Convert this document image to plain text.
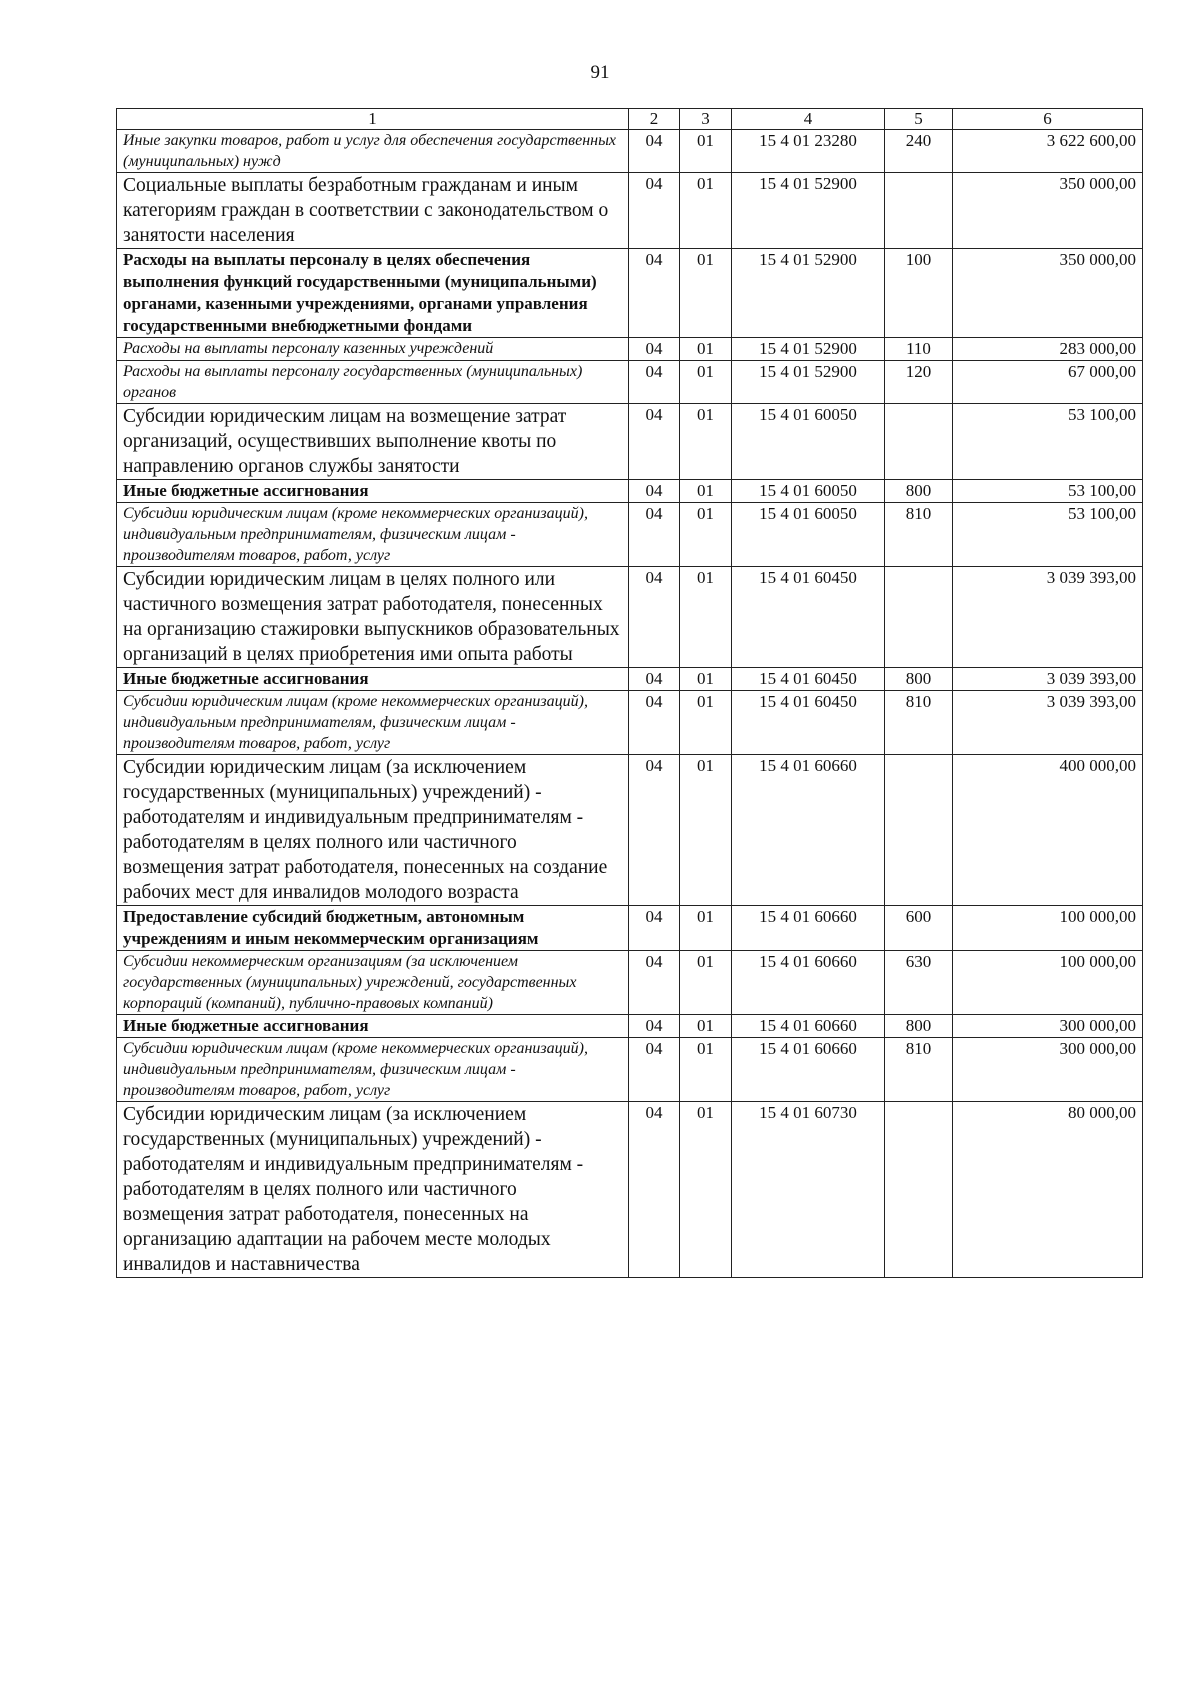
91
1	2	3	4	5	6
Иные закупки товаров, работ и услуг для обеспечения государственных (муниципальных) нужд	04	01	15 4 01 23280	240	3 622 600,00
Социальные выплаты безработным гражданам и иным категориям граждан в соответствии с законодательством о занятости населения	04	01	15 4 01 52900		350 000,00
Расходы на выплаты персоналу в целях обеспечения выполнения функций государственными (муниципальными) органами, казенными учреждениями, органами управления государственными внебюджетными фондами	04	01	15 4 01 52900	100	350 000,00
Расходы на выплаты персоналу казенных учреждений	04	01	15 4 01 52900	110	283 000,00
Расходы на выплаты персоналу государственных (муниципальных) органов	04	01	15 4 01 52900	120	67 000,00
Субсидии юридическим лицам на возмещение затрат организаций, осуществивших выполнение квоты по направлению органов службы занятости	04	01	15 4 01 60050		53 100,00
Иные бюджетные ассигнования	04	01	15 4 01 60050	800	53 100,00
Субсидии юридическим лицам (кроме некоммерческих организаций), индивидуальным предпринимателям, физическим лицам - производителям товаров, работ, услуг	04	01	15 4 01 60050	810	53 100,00
Субсидии юридическим лицам в целях полного или частичного возмещения затрат работодателя, понесенных на организацию стажировки выпускников образовательных организаций в целях приобретения ими опыта работы	04	01	15 4 01 60450		3 039 393,00
Иные бюджетные ассигнования	04	01	15 4 01 60450	800	3 039 393,00
Субсидии юридическим лицам (кроме некоммерческих организаций), индивидуальным предпринимателям, физическим лицам - производителям товаров, работ, услуг	04	01	15 4 01 60450	810	3 039 393,00
Субсидии юридическим лицам (за исключением государственных (муниципальных) учреждений) - работодателям и индивидуальным предпринимателям - работодателям в целях полного или частичного возмещения затрат работодателя, понесенных на создание рабочих мест для инвалидов молодого возраста	04	01	15 4 01 60660		400 000,00
Предоставление субсидий бюджетным, автономным учреждениям и иным некоммерческим организациям	04	01	15 4 01 60660	600	100 000,00
Субсидии некоммерческим организациям (за исключением государственных (муниципальных) учреждений, государственных корпораций (компаний), публично-правовых компаний)	04	01	15 4 01 60660	630	100 000,00
Иные бюджетные ассигнования	04	01	15 4 01 60660	800	300 000,00
Субсидии юридическим лицам (кроме некоммерческих организаций), индивидуальным предпринимателям, физическим лицам - производителям товаров, работ, услуг	04	01	15 4 01 60660	810	300 000,00
Субсидии юридическим лицам (за исключением государственных (муниципальных) учреждений) - работодателям и индивидуальным предпринимателям - работодателям в целях полного или частичного возмещения затрат работодателя, понесенных на организацию адаптации на рабочем месте молодых инвалидов и наставничества	04	01	15 4 01 60730		80 000,00
